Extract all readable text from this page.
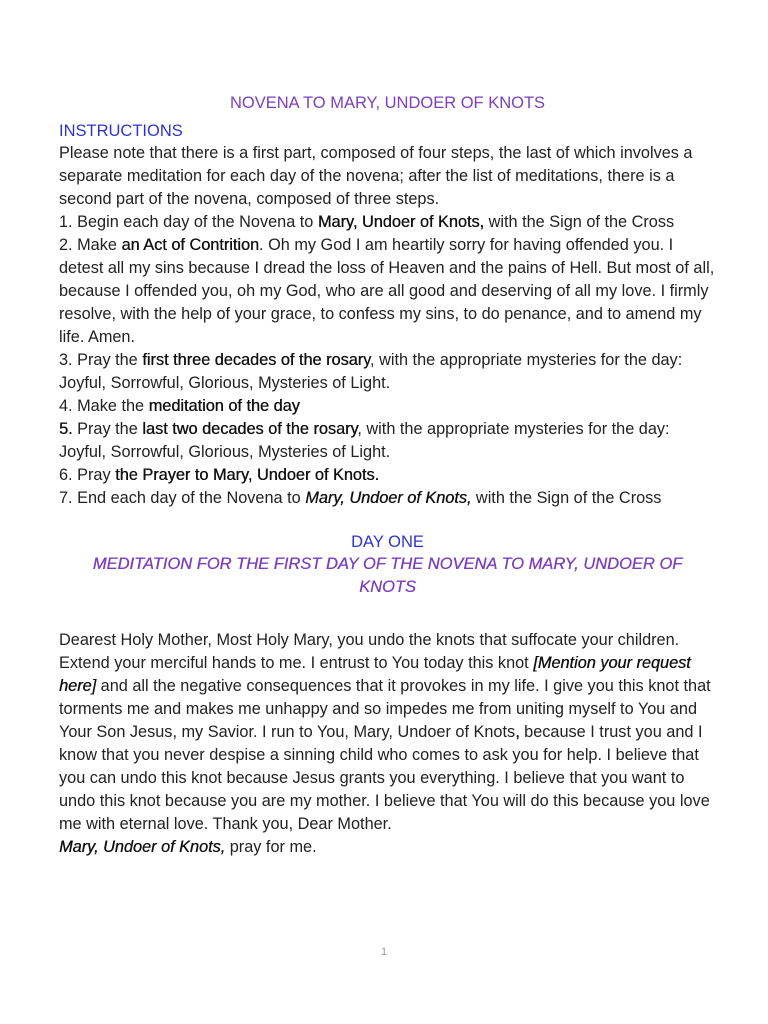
NOVENA TO MARY, UNDOER OF KNOTS

INSTRUCTIONS

Please note that there is a first part, composed of four steps, the last of which involves a separate meditation for each day of the novena; after the list of meditations, there is a second part of the novena, composed of three steps.

1. Begin each day of the Novena to Mary, Undoer of Knots, with the Sign of the Cross

2. Make an Act of Contrition. Oh my God I am heartily sorry for having offended you. I detest all my sins because I dread the loss of Heaven and the pains of Hell. But most of all, because I offended you, oh my God, who are all good and deserving of all my love. I firmly resolve, with the help of your grace, to confess my sins, to do penance, and to amend my life. Amen.

3. Pray the first three decades of the rosary, with the appropriate mysteries for the day: Joyful, Sorrowful, Glorious, Mysteries of Light.

4. Make the meditation of the day

5. Pray the last two decades of the rosary, with the appropriate mysteries for the day: Joyful, Sorrowful, Glorious, Mysteries of Light.

6. Pray the Prayer to Mary, Undoer of Knots.

7. End each day of the Novena to Mary, Undoer of Knots, with the Sign of the Cross

DAY ONE

MEDITATION FOR THE FIRST DAY OF THE NOVENA TO MARY, UNDOER OF KNOTS

Dearest Holy Mother, Most Holy Mary, you undo the knots that suffocate your children. Extend your merciful hands to me. I entrust to You today this knot [Mention your request here] and all the negative consequences that it provokes in my life. I give you this knot that torments me and makes me unhappy and so impedes me from uniting myself to You and Your Son Jesus, my Savior. I run to You, Mary, Undoer of Knots, because I trust you and I know that you never despise a sinning child who comes to ask you for help. I believe that you can undo this knot because Jesus grants you everything. I believe that you want to undo this knot because you are my mother. I believe that You will do this because you love me with eternal love. Thank you, Dear Mother.

Mary, Undoer of Knots, pray for me.

1
